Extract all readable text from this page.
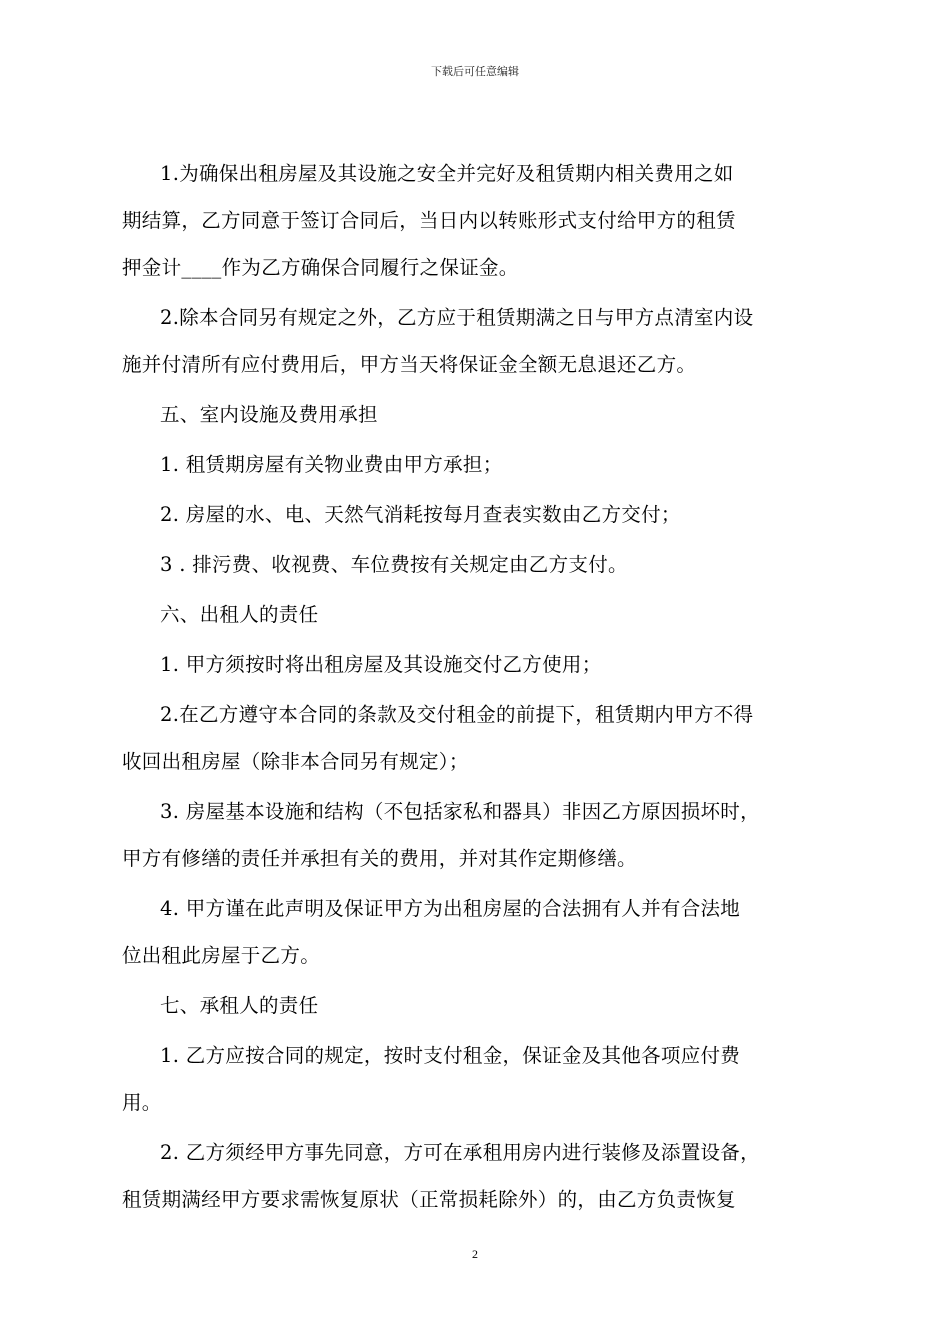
下载后可任意编辑

1.为确保出租房屋及其设施之安全并完好及租赁期内相关费用之如
期结算，乙方同意于签订合同后，当日内以转账形式支付给甲方的租赁
押金计____作为乙方确保合同履行之保证金。

2.除本合同另有规定之外，乙方应于租赁期满之日与甲方点清室内设
施并付清所有应付费用后，甲方当天将保证金全额无息退还乙方。

五、室内设施及费用承担

1. 租赁期房屋有关物业费由甲方承担；

2. 房屋的水、电、天然气消耗按每月查表实数由乙方交付；

3 . 排污费、收视费、车位费按有关规定由乙方支付。

六、出租人的责任

1. 甲方须按时将出租房屋及其设施交付乙方使用；

2.在乙方遵守本合同的条款及交付租金的前提下，租赁期内甲方不得
收回出租房屋（除非本合同另有规定）；

3. 房屋基本设施和结构（不包括家私和器具）非因乙方原因损坏时，
甲方有修缮的责任并承担有关的费用，并对其作定期修缮。

4. 甲方谨在此声明及保证甲方为出租房屋的合法拥有人并有合法地
位出租此房屋于乙方。

七、承租人的责任

1. 乙方应按合同的规定，按时支付租金，保证金及其他各项应付费
用。

2. 乙方须经甲方事先同意，方可在承租用房内进行装修及添置设备，
租赁期满经甲方要求需恢复原状（正常损耗除外）的，由乙方负责恢复

2
